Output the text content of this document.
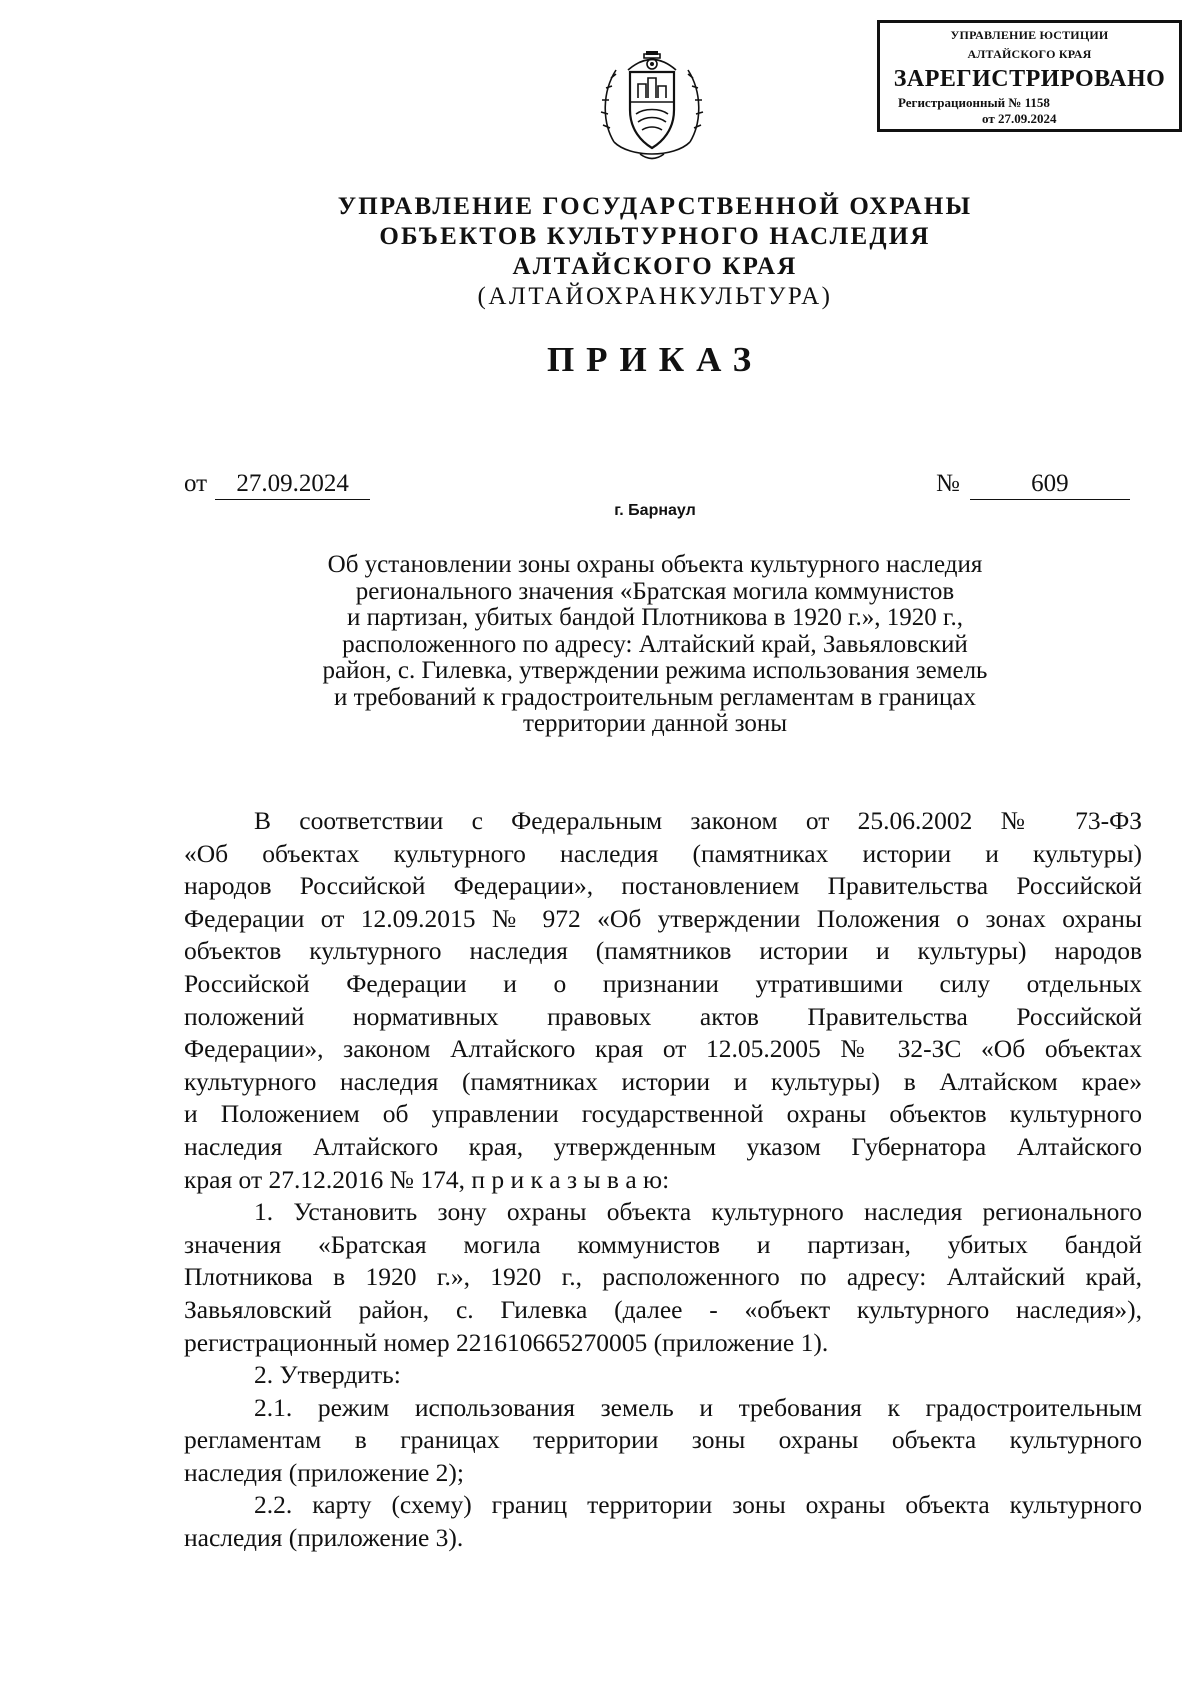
УПРАВЛЕНИЕ ЮСТИЦИИ
АЛТАЙСКОГО КРАЯ
ЗАРЕГИСТРИРОВАНО
Регистрационный № 1158
от 27.09.2024
УПРАВЛЕНИЕ ГОСУДАРСТВЕННОЙ ОХРАНЫ
ОБЪЕКТОВ КУЛЬТУРНОГО НАСЛЕДИЯ
АЛТАЙСКОГО КРАЯ
(АЛТАЙОХРАНКУЛЬТУРА)
ПРИКАЗ
от 27.09.2024	№	609
г. Барнаул
Об установлении зоны охраны объекта культурного наследия
регионального значения «Братская могила коммунистов
и партизан, убитых бандой Плотникова в 1920 г.», 1920 г.,
расположенного по адресу: Алтайский край, Завьяловский
район, с. Гилевка, утверждении режима использования земель
и требований к градостроительным регламентам в границах
территории данной зоны
В соответствии с Федеральным законом от 25.06.2002 № 73-ФЗ
«Об объектах культурного наследия (памятниках истории и культуры)
народов Российской Федерации», постановлением Правительства Российской
Федерации от 12.09.2015 № 972 «Об утверждении Положения о зонах охраны
объектов культурного наследия (памятников истории и культуры) народов
Российской Федерации и о признании утратившими силу отдельных
положений нормативных правовых актов Правительства Российской
Федерации», законом Алтайского края от 12.05.2005 № 32-ЗС «Об объектах
культурного наследия (памятниках истории и культуры) в Алтайском крае»
и Положением об управлении государственной охраны объектов культурного
наследия Алтайского края, утвержденным указом Губернатора Алтайского
края от 27.12.2016 № 174, п р и к а з ы в а ю:
1. Установить зону охраны объекта культурного наследия регионального
значения «Братская могила коммунистов и партизан, убитых бандой
Плотникова в 1920 г.», 1920 г., расположенного по адресу: Алтайский край,
Завьяловский район, с. Гилевка (далее - «объект культурного наследия»),
регистрационный номер 221610665270005 (приложение 1).
2. Утвердить:
2.1. режим использования земель и требования к градостроительным
регламентам в границах территории зоны охраны объекта культурного
наследия (приложение 2);
2.2. карту (схему) границ территории зоны охраны объекта культурного
наследия (приложение 3).
